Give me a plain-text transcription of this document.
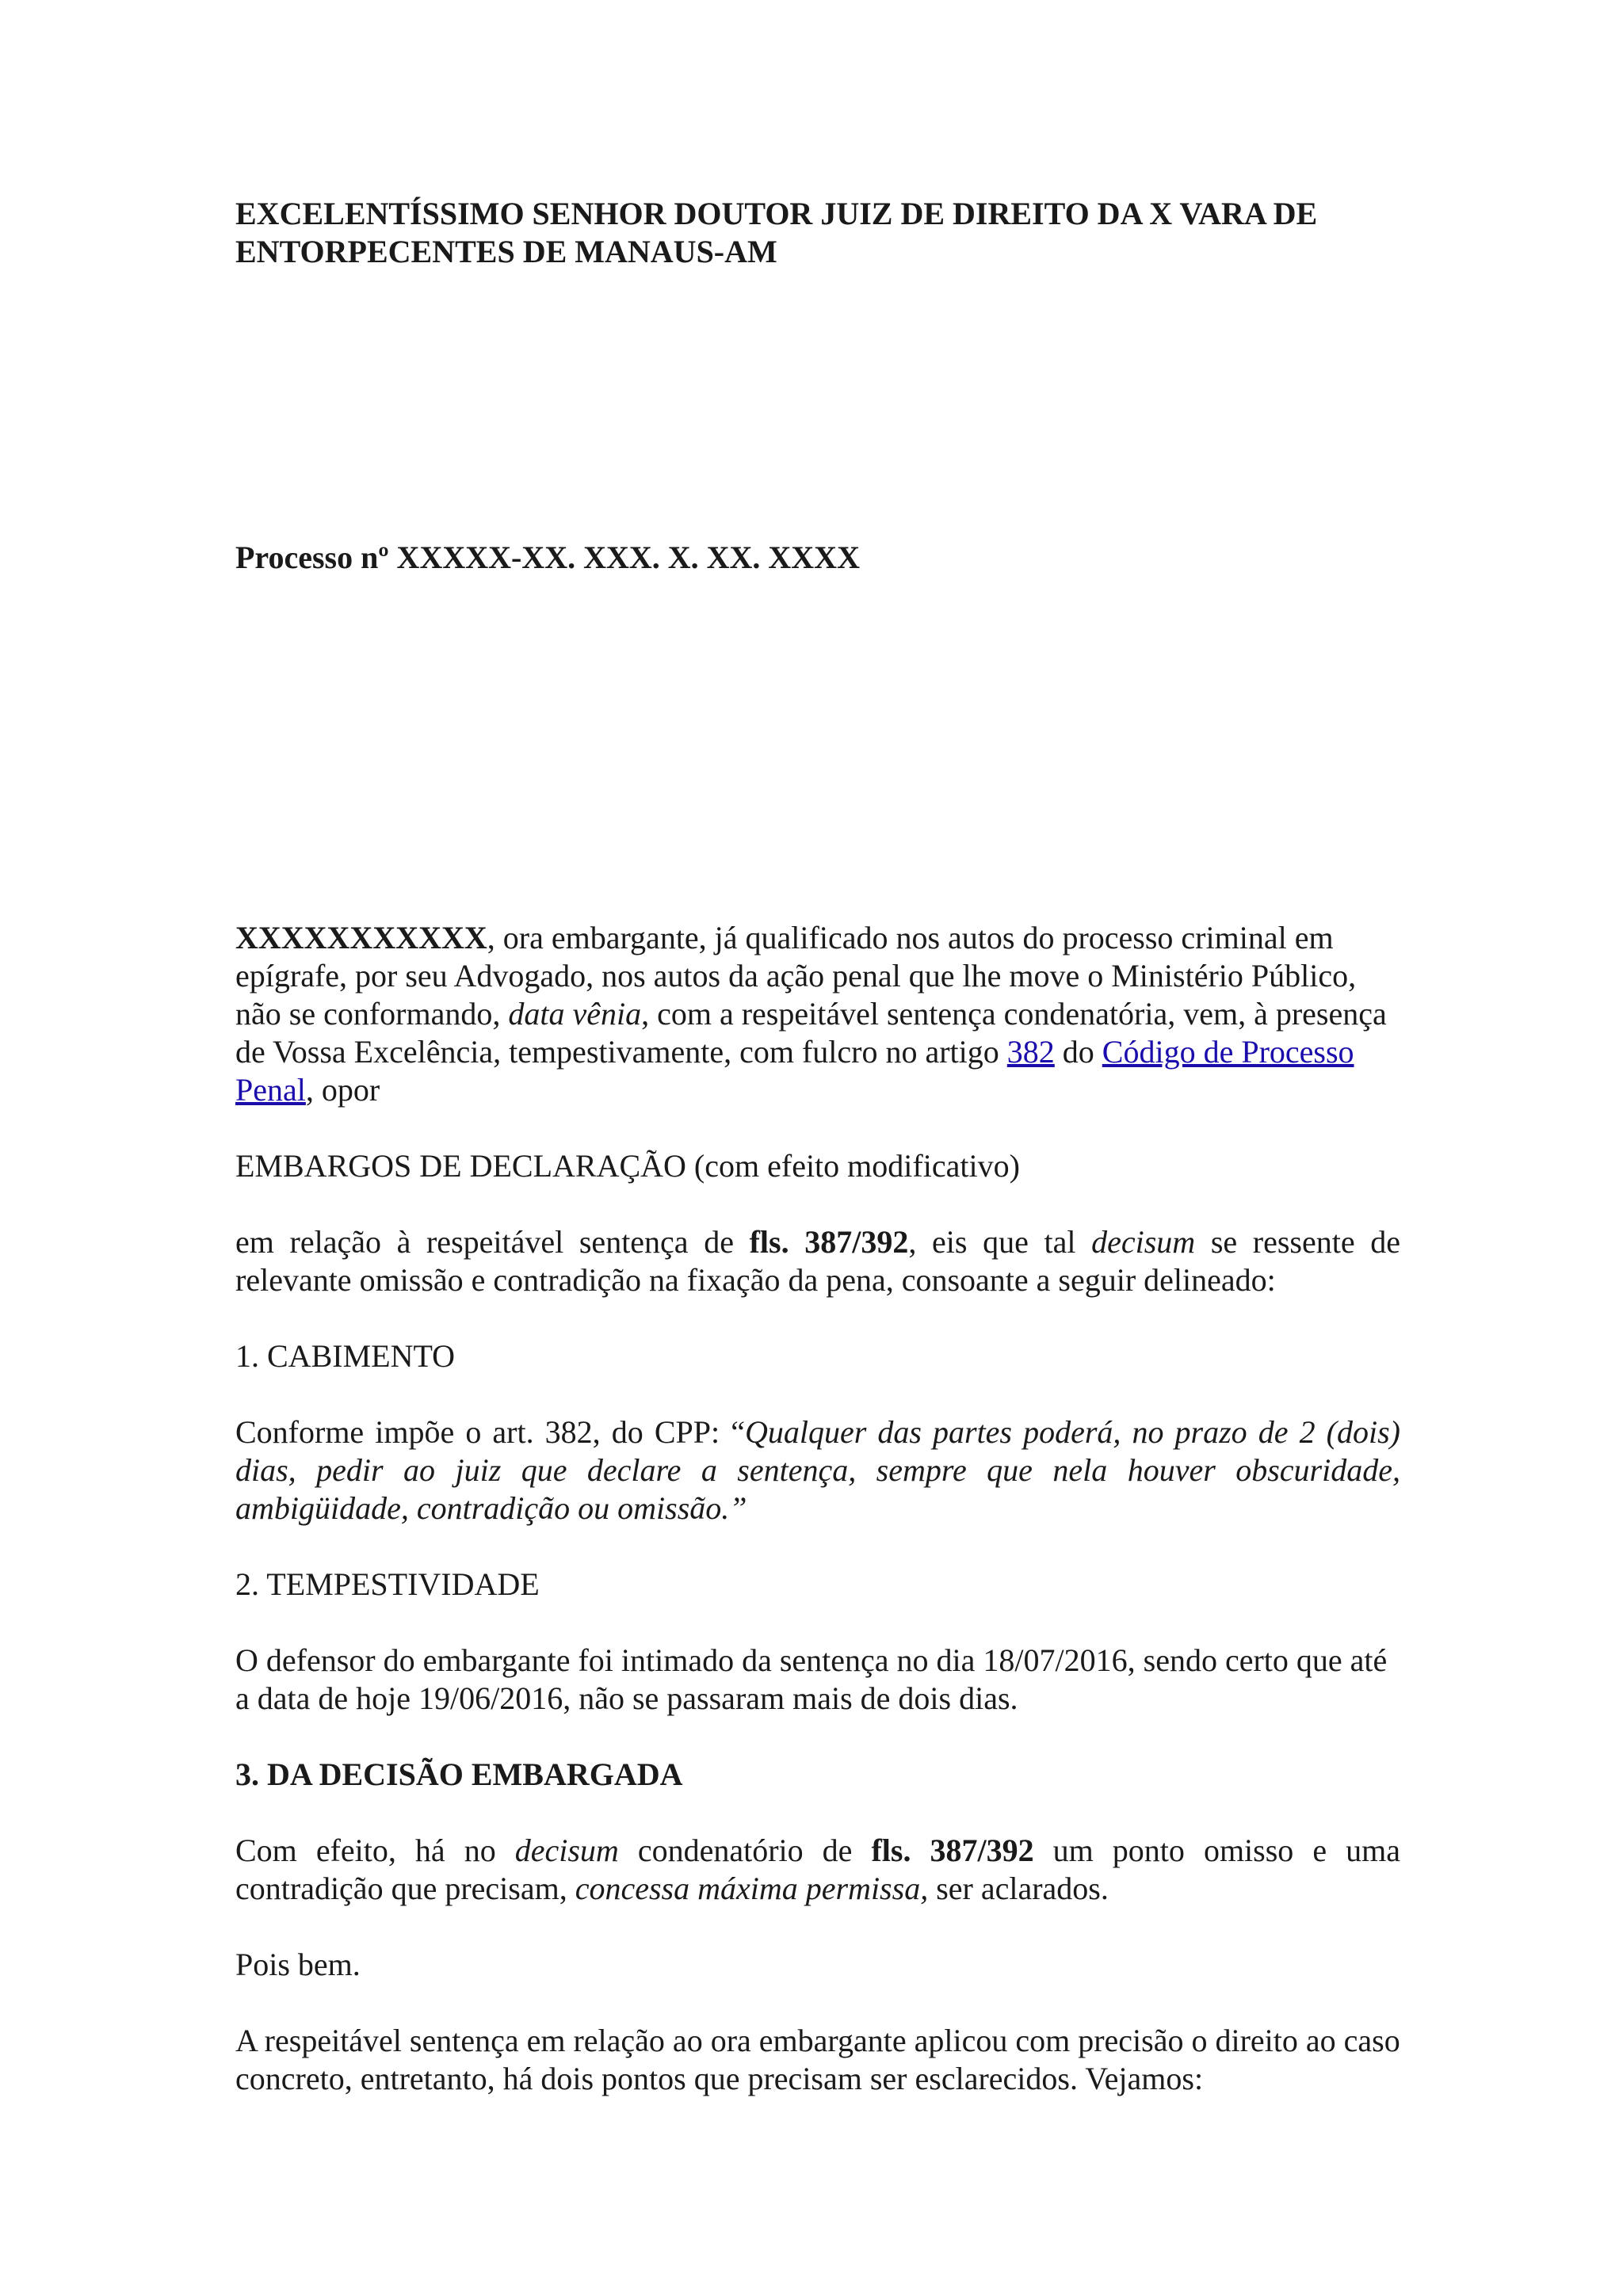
EXCELENTÍSSIMO SENHOR DOUTOR JUIZ DE DIREITO DA X VARA DE
ENTORPECENTES DE MANAUS-AM

Processo nº XXXXX-XX. XXX. X. XX. XXXX

XXXXXXXXXXX, ora embargante, já qualificado nos autos do processo criminal em epígrafe, por seu Advogado, nos autos da ação penal que lhe move o Ministério Público, não se conformando, data vênia, com a respeitável sentença condenatória, vem, à presença de Vossa Excelência, tempestivamente, com fulcro no artigo 382 do Código de Processo Penal, opor

EMBARGOS DE DECLARAÇÃO (com efeito modificativo)

em relação à respeitável sentença de fls. 387/392, eis que tal decisum se ressente de relevante omissão e contradição na fixação da pena, consoante a seguir delineado:

1. CABIMENTO

Conforme impõe o art. 382, do CPP: “Qualquer das partes poderá, no prazo de 2 (dois) dias, pedir ao juiz que declare a sentença, sempre que nela houver obscuridade, ambigüidade, contradição ou omissão.”

2. TEMPESTIVIDADE

O defensor do embargante foi intimado da sentença no dia 18/07/2016, sendo certo que até a data de hoje 19/06/2016, não se passaram mais de dois dias.

3. DA DECISÃO EMBARGADA

Com efeito, há no decisum condenatório de fls. 387/392 um ponto omisso e uma contradição que precisam, concessa máxima permissa, ser aclarados.

Pois bem.

A respeitável sentença em relação ao ora embargante aplicou com precisão o direito ao caso concreto, entretanto, há dois pontos que precisam ser esclarecidos. Vejamos:
